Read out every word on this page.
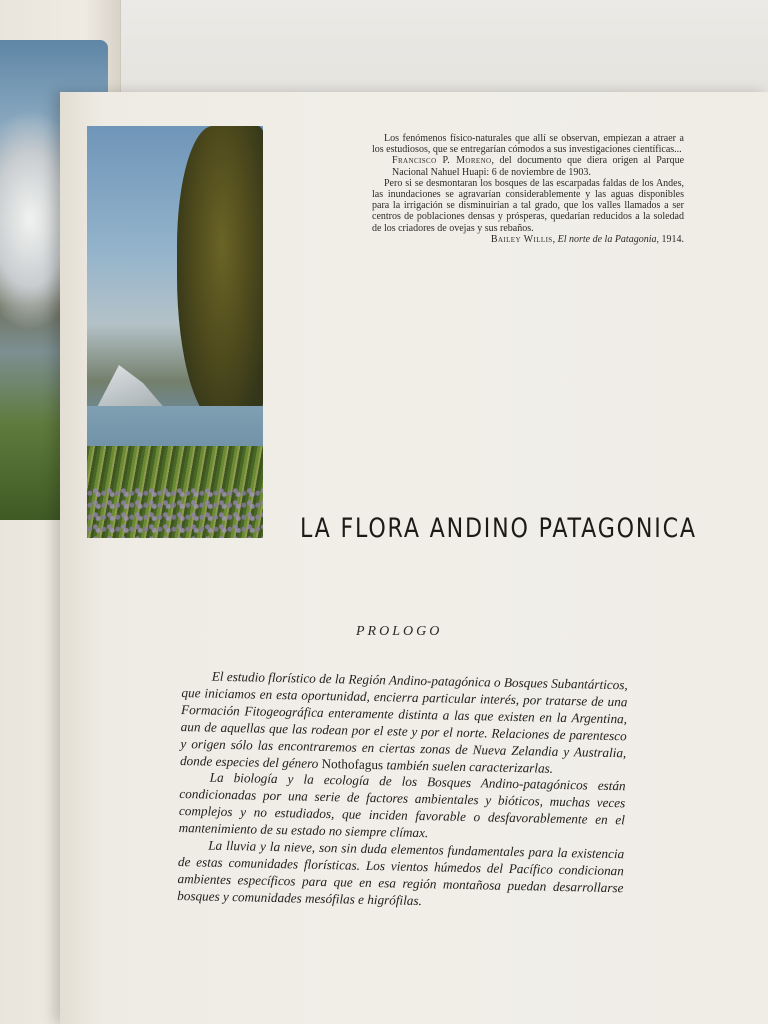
Los fenómenos físico-naturales que allí se observan, empiezan a atraer a los estudiosos, que se entregarían cómodos a sus investigaciones científicas...

Francisco P. Moreno, del documento que diera origen al Parque Nacional Nahuel Huapi: 6 de noviembre de 1903.

Pero si se desmontaran los bosques de las escarpadas faldas de los Andes, las inundaciones se agravarían considerablemente y las aguas disponibles para la irrigación se disminuirían a tal grado, que los valles llamados a ser centros de poblaciones densas y prósperas, quedarían reducidos a la soledad de los criadores de ovejas y sus rebaños.

Bailey Willis, El norte de la Patagonia, 1914.

LA FLORA ANDINO PATAGONICA
PROLOGO

El estudio florístico de la Región Andino-patagónica o Bosques Subantárticos, que iniciamos en esta oportunidad, encierra particular interés, por tratarse de una Formación Fitogeográfica enteramente distinta a las que existen en la Argentina, aun de aquellas que las rodean por el este y por el norte. Relaciones de parentesco y origen sólo las encontraremos en ciertas zonas de Nueva Zelandia y Australia, donde especies del género Nothofagus también suelen caracterizarlas.

La biología y la ecología de los Bosques Andino-patagónicos están condicionadas por una serie de factores ambientales y bióticos, muchas veces complejos y no estudiados, que inciden favorable o desfavorablemente en el mantenimiento de su estado no siempre clímax.

La lluvia y la nieve, son sin duda elementos fundamentales para la existencia de estas comunidades florísticas. Los vientos húmedos del Pacífico condicionan ambientes específicos para que en esa región montañosa puedan desarrollarse bosques y comunidades mesófilas e higrófilas.
